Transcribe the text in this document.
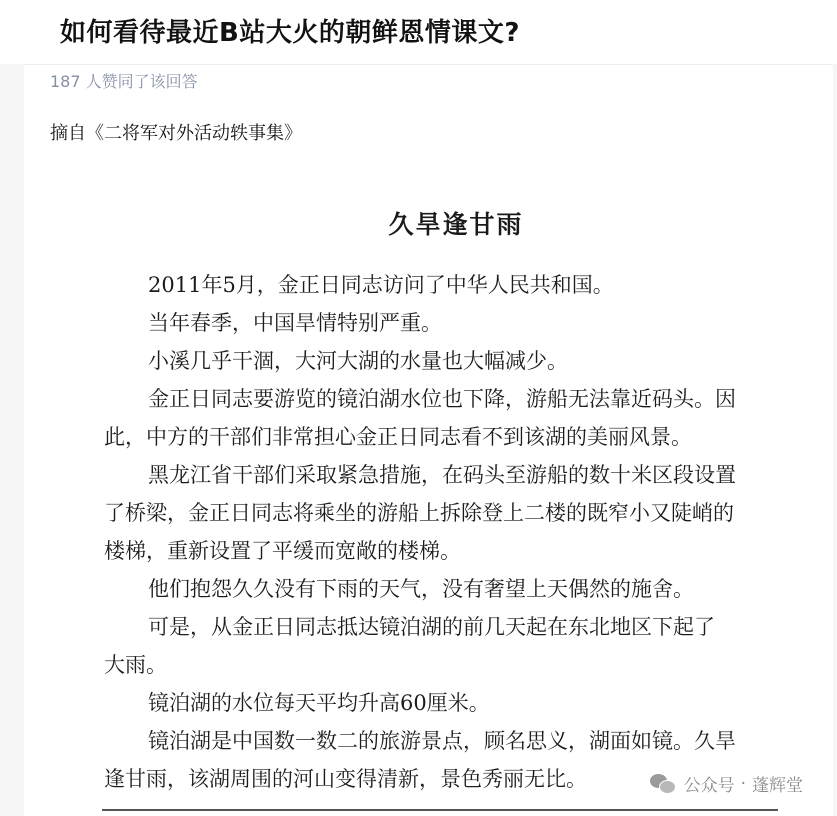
如何看待最近B站大火的朝鲜恩情课文?
187 人赞同了该回答
摘自《二将军对外活动轶事集》
久旱逢甘雨
2011年5月，金正日同志访问了中华人民共和国。
当年春季，中国旱情特别严重。
小溪几乎干涸，大河大湖的水量也大幅减少。
金正日同志要游览的镜泊湖水位也下降，游船无法靠近码头。因
此，中方的干部们非常担心金正日同志看不到该湖的美丽风景。
黑龙江省干部们采取紧急措施，在码头至游船的数十米区段设置
了桥梁，金正日同志将乘坐的游船上拆除登上二楼的既窄小又陡峭的
楼梯，重新设置了平缓而宽敞的楼梯。
他们抱怨久久没有下雨的天气，没有奢望上天偶然的施舍。
可是，从金正日同志抵达镜泊湖的前几天起在东北地区下起了
大雨。
镜泊湖的水位每天平均升高60厘米。
镜泊湖是中国数一数二的旅游景点，顾名思义，湖面如镜。久旱
逢甘雨，该湖周围的河山变得清新，景色秀丽无比。	公众号 · 蓬辉堂
